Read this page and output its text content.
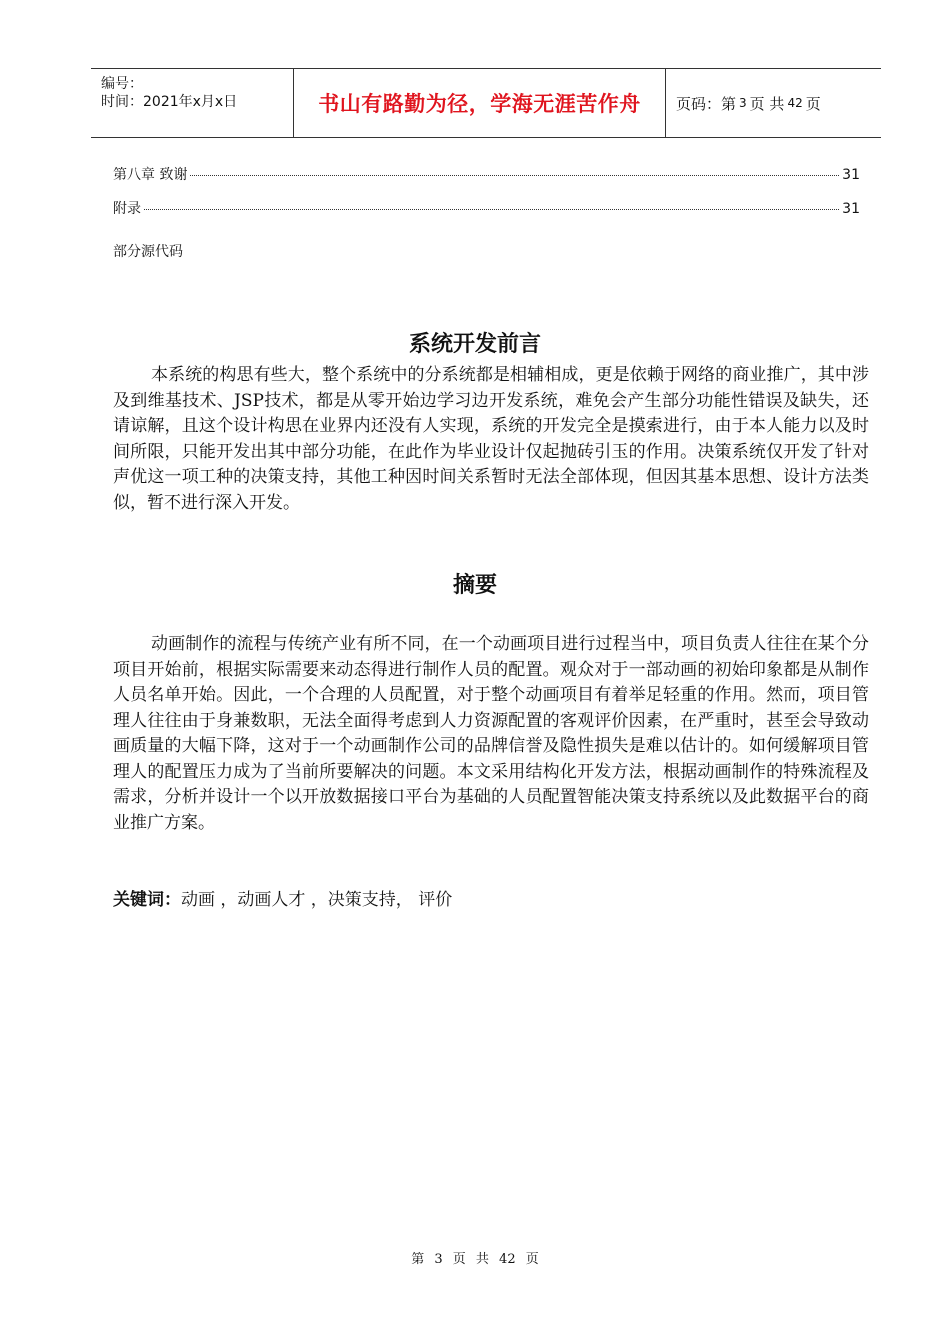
编号：
时间：2021年x月x日	书山有路勤为径，学海无涯苦作舟	页码：第 3 页 共 42 页
第八章 致谢	31
附录	31
部分源代码
系统开发前言

本系统的构思有些大，整个系统中的分系统都是相辅相成，更是依赖于网络的商业推广，其中涉及到维基技术、JSP技术，都是从零开始边学习边开发系统，难免会产生部分功能性错误及缺失，还请谅解，且这个设计构思在业界内还没有人实现，系统的开发完全是摸索进行，由于本人能力以及时间所限，只能开发出其中部分功能，在此作为毕业设计仅起抛砖引玉的作用。决策系统仅开发了针对声优这一项工种的决策支持，其他工种因时间关系暂时无法全部体现，但因其基本思想、设计方法类似，暂不进行深入开发。

摘要

动画制作的流程与传统产业有所不同，在一个动画项目进行过程当中，项目负责人往往在某个分项目开始前，根据实际需要来动态得进行制作人员的配置。观众对于一部动画的初始印象都是从制作人员名单开始。因此，一个合理的人员配置，对于整个动画项目有着举足轻重的作用。然而，项目管理人往往由于身兼数职，无法全面得考虑到人力资源配置的客观评价因素，在严重时，甚至会导致动画质量的大幅下降，这对于一个动画制作公司的品牌信誉及隐性损失是难以估计的。如何缓解项目管理人的配置压力成为了当前所要解决的问题。本文采用结构化开发方法，根据动画制作的特殊流程及需求，分析并设计一个以开放数据接口平台为基础的人员配置智能决策支持系统以及此数据平台的商业推广方案。

关键词：动画 ，动画人才 ，决策支持， 评价
第 3 页 共 42 页
